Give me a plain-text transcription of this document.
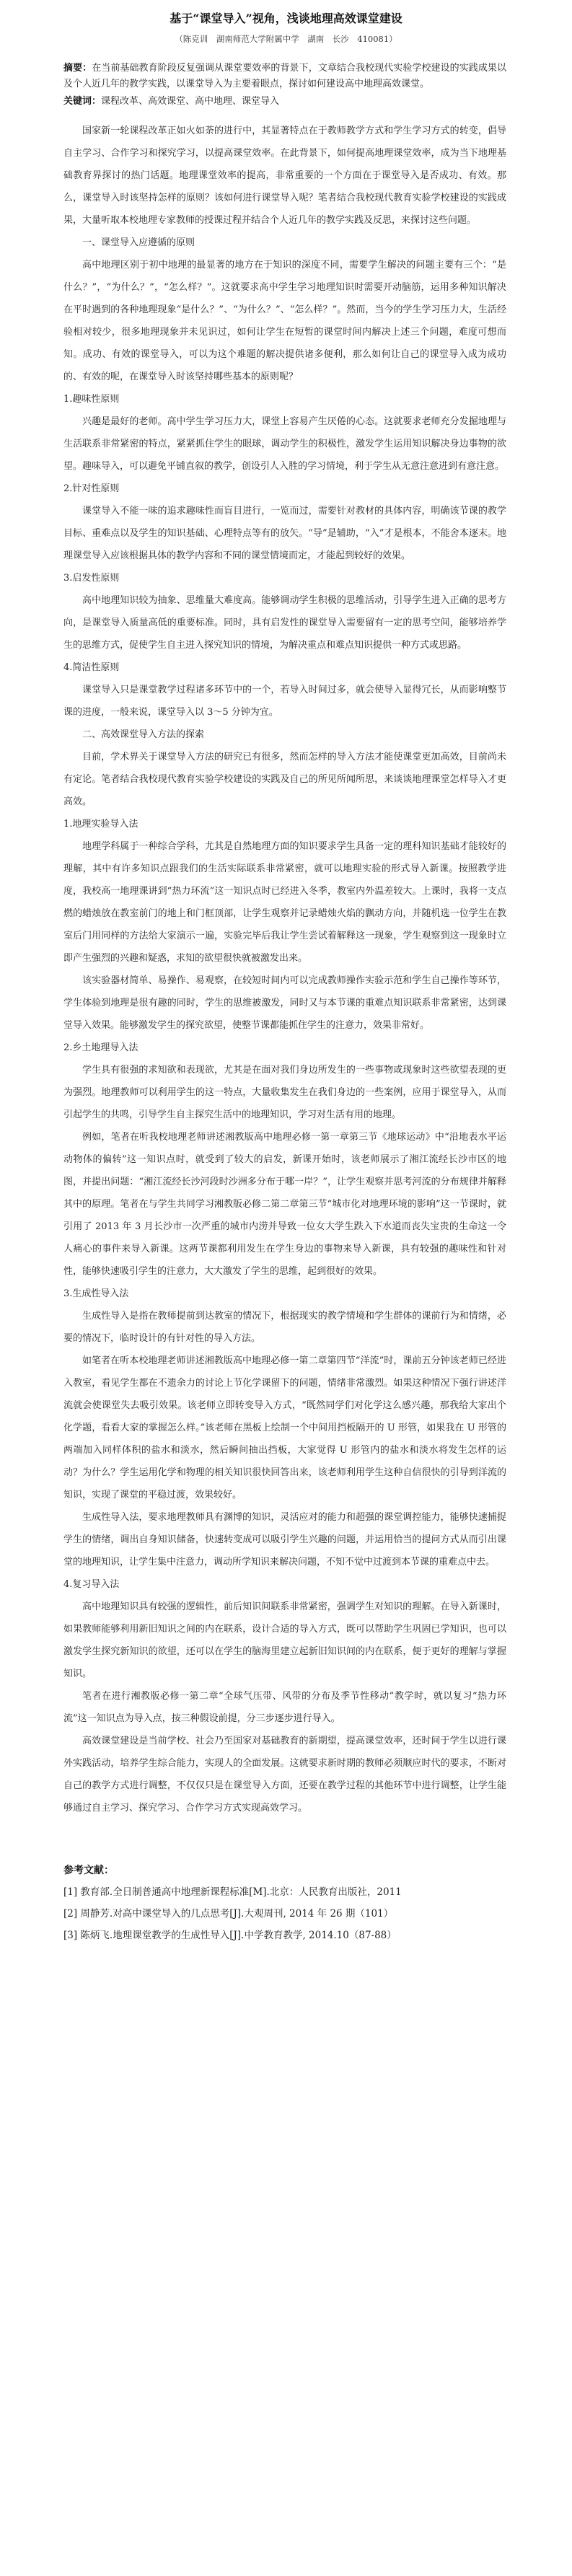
基于“课堂导入”视角，浅谈地理高效课堂建设

（陈克训　湖南师范大学附属中学　湖南　长沙　410081）

摘要：在当前基础教育阶段反复强调从课堂要效率的背景下，文章结合我校现代实验学校建设的实践成果以及个人近几年的教学实践，以课堂导入为主要着眼点，探讨如何建设高中地理高效课堂。

关键词：课程改革、高效课堂、高中地理、课堂导入

国家新一轮课程改革正如火如荼的进行中，其显著特点在于教师教学方式和学生学习方式的转变，倡导自主学习、合作学习和探究学习，以提高课堂效率。在此背景下，如何提高地理课堂效率，成为当下地理基础教育界探讨的热门话题。地理课堂效率的提高，非常重要的一个方面在于课堂导入是否成功、有效。那么，课堂导入时该坚持怎样的原则？该如何进行课堂导入呢？笔者结合我校现代教育实验学校建设的实践成果，大量听取本校地理专家教师的授课过程并结合个人近几年的教学实践及反思，来探讨这些问题。

一、课堂导入应遵循的原则

高中地理区别于初中地理的最显著的地方在于知识的深度不同，需要学生解决的问题主要有三个：“是什么？”，“为什么？”，“怎么样？”。这就要求高中学生学习地理知识时需要开动脑筋，运用多种知识解决在平时遇到的各种地理现象“是什么？”、“为什么？”、“怎么样？”。然而，当今的学生学习压力大，生活经验相对较少，很多地理现象并未见识过，如何让学生在短暂的课堂时间内解决上述三个问题，难度可想而知。成功、有效的课堂导入，可以为这个难题的解决提供诸多便利，那么如何让自己的课堂导入成为成功的、有效的呢，在课堂导入时该坚持哪些基本的原则呢？

1.趣味性原则

兴趣是最好的老师。高中学生学习压力大，课堂上容易产生厌倦的心态。这就要求老师充分发掘地理与生活联系非常紧密的特点，紧紧抓住学生的眼球，调动学生的积极性，激发学生运用知识解决身边事物的欲望。趣味导入，可以避免平铺直叙的教学，创设引人入胜的学习情境，利于学生从无意注意进到有意注意。

2.针对性原则

课堂导入不能一味的追求趣味性而盲目进行，一览而过，需要针对教材的具体内容，明确该节课的教学目标、重难点以及学生的知识基础、心理特点等有的放矢。“导”是辅助，“入”才是根本，不能舍本逐末。地理课堂导入应该根据具体的教学内容和不同的课堂情境而定，才能起到较好的效果。

3.启发性原则

高中地理知识较为抽象、思维量大难度高。能够调动学生积极的思维活动，引导学生进入正确的思考方向，是课堂导入质量高低的重要标准。同时，具有启发性的课堂导入需要留有一定的思考空间，能够培养学生的思维方式，促使学生自主进入探究知识的情境，为解决重点和难点知识提供一种方式或思路。

4.简洁性原则

课堂导入只是课堂教学过程诸多环节中的一个，若导入时间过多，就会使导入显得冗长，从而影响整节课的进度，一般来说，课堂导入以 3～5 分钟为宜。

二、高效课堂导入方法的探索

目前，学术界关于课堂导入方法的研究已有很多，然而怎样的导入方法才能使课堂更加高效，目前尚未有定论。笔者结合我校现代教育实验学校建设的实践及自己的所见所闻所思，来谈谈地理课堂怎样导入才更高效。

1.地理实验导入法

地理学科属于一种综合学科，尤其是自然地理方面的知识要求学生具备一定的理科知识基础才能较好的理解，其中有许多知识点跟我们的生活实际联系非常紧密，就可以地理实验的形式导入新课。按照教学进度，我校高一地理课讲到“热力环流”这一知识点时已经进入冬季，教室内外温差较大。上课时，我将一支点燃的蜡烛放在教室前门的地上和门框顶部，让学生观察并记录蜡烛火焰的飘动方向，并随机选一位学生在教室后门用同样的方法给大家演示一遍，实验完毕后我让学生尝试着解释这一现象，学生观察到这一现象时立即产生强烈的兴趣和疑惑，求知的欲望很快就被激发出来。

该实验器材简单、易操作、易观察，在较短时间内可以完成教师操作实验示范和学生自己操作等环节，学生体验到地理是很有趣的同时，学生的思维被激发，同时又与本节课的重难点知识联系非常紧密，达到课堂导入效果。能够激发学生的探究欲望，使整节课都能抓住学生的注意力，效果非常好。

2.乡土地理导入法

学生具有很强的求知欲和表现欲，尤其是在面对我们身边所发生的一些事物或现象时这些欲望表现的更为强烈。地理教师可以利用学生的这一特点，大量收集发生在我们身边的一些案例，应用于课堂导入，从而引起学生的共鸣，引导学生自主探究生活中的地理知识，学习对生活有用的地理。

例如，笔者在听我校地理老师讲述湘教版高中地理必修一第一章第三节《地球运动》中“沿地表水平运动物体的偏转”这一知识点时，就受到了较大的启发，新课开始时，该老师展示了湘江流经长沙市区的地图，并提出问题：“湘江流经长沙河段时沙洲多分布于哪一岸？”，让学生观察并思考河流的分布规律并解释其中的原理。笔者在与学生共同学习湘教版必修二第二章第三节“城市化对地理环境的影响”这一节课时，就引用了 2013 年 3 月长沙市一次严重的城市内涝并导致一位女大学生跌入下水道而丧失宝贵的生命这一令人痛心的事件来导入新课。这两节课都利用发生在学生身边的事物来导入新课，具有较强的趣味性和针对性，能够快速吸引学生的注意力，大大激发了学生的思维，起到很好的效果。

3.生成性导入法

生成性导入是指在教师提前到达教室的情况下，根据现实的教学情境和学生群体的课前行为和情绪，必要的情况下，临时设计的有针对性的导入方法。

如笔者在听本校地理老师讲述湘教版高中地理必修一第二章第四节“洋流”时，课前五分钟该老师已经进入教室，看见学生都在不遗余力的讨论上节化学课留下的问题，情绪非常激烈。如果这种情况下强行讲述洋流就会使课堂失去吸引效果。该老师立即转变导入方式，“既然同学们对化学这么感兴趣，那我给大家出个化学题，看看大家的掌握怎么样。”该老师在黑板上绘制一个中间用挡板隔开的 U 形管，如果我在 U 形管的两端加入同样体积的盐水和淡水，然后瞬间抽出挡板，大家觉得 U 形管内的盐水和淡水将发生怎样的运动？为什么？学生运用化学和物理的相关知识很快回答出来，该老师利用学生这种自信很快的引导到洋流的知识，实现了课堂的平稳过渡，效果较好。

生成性导入法，要求地理教师具有渊博的知识，灵活应对的能力和超强的课堂调控能力，能够快速捕捉学生的情绪，调出自身知识储备，快速转变成可以吸引学生兴趣的问题，并运用恰当的提问方式从而引出课堂的地理知识，让学生集中注意力，调动所学知识来解决问题，不知不觉中过渡到本节课的重难点中去。

4.复习导入法

高中地理知识具有较强的逻辑性，前后知识间联系非常紧密，强调学生对知识的理解。在导入新课时，如果教师能够利用新旧知识之间的内在联系，设计合适的导入方式，既可以帮助学生巩固已学知识，也可以激发学生探究新知识的欲望，还可以在学生的脑海里建立起新旧知识间的内在联系，便于更好的理解与掌握知识。

笔者在进行湘教版必修一第二章“全球气压带、风带的分布及季节性移动”教学时，就以复习“热力环流”这一知识点为导入点，按三种假设前提，分三步逐步进行导入。

高效课堂建设是当前学校、社会乃至国家对基础教育的新期望，提高课堂效率，还时间于学生以进行课外实践活动，培养学生综合能力，实现人的全面发展。这就要求新时期的教师必须顺应时代的要求，不断对自己的教学方式进行调整，不仅仅只是在课堂导入方面，还要在教学过程的其他环节中进行调整，让学生能够通过自主学习、探究学习、合作学习方式实现高效学习。

参考文献：

[1] 教育部.全日制普通高中地理新课程标准[M].北京：人民教育出版社，2011

[2] 周静芳.对高中课堂导入的几点思考[J].大观周刊, 2014 年 26 期（101）

[3] 陈炳飞.地理课堂教学的生成性导入[J].中学教育教学, 2014.10（87-88）
